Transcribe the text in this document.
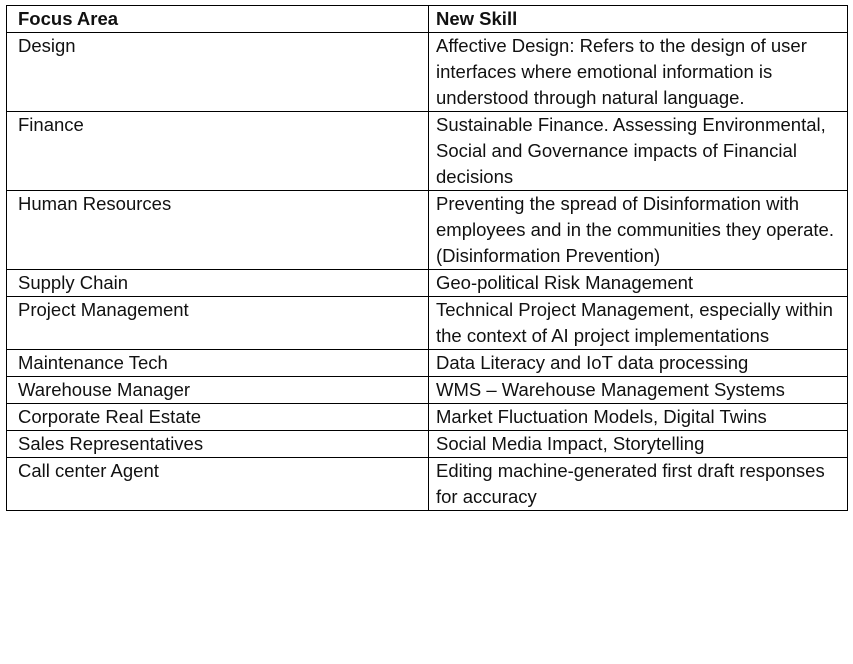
Focus Area	New Skill
Design	Affective Design: Refers to the design of user interfaces where emotional information is understood through natural language.
Finance	Sustainable Finance. Assessing Environmental, Social and Governance impacts of Financial decisions
Human Resources	Preventing the spread of Disinformation with employees and in the communities they operate. (Disinformation Prevention)
Supply Chain	Geo-political Risk Management
Project Management	Technical Project Management, especially within the context of AI project implementations
Maintenance Tech	Data Literacy and IoT data processing
Warehouse Manager	WMS – Warehouse Management Systems
Corporate Real Estate	Market Fluctuation Models, Digital Twins
Sales Representatives	Social Media Impact, Storytelling
Call center Agent	Editing machine-generated first draft responses for accuracy
